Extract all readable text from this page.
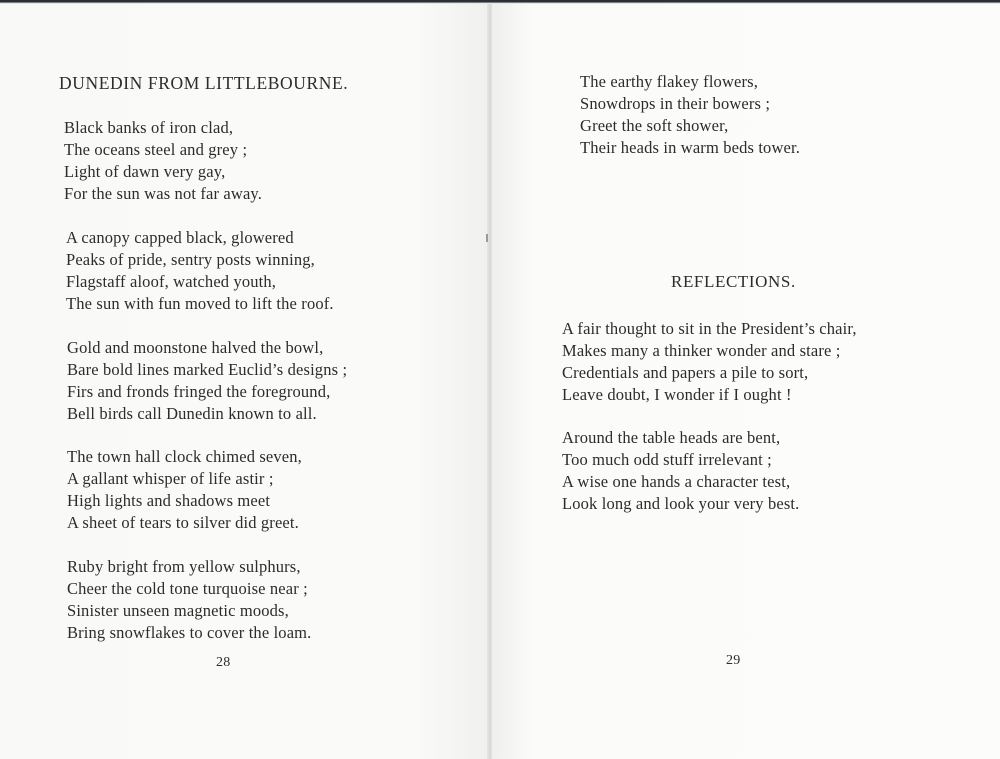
DUNEDIN FROM LITTLEBOURNE.
Black banks of iron clad,
The oceans steel and grey ;
Light of dawn very gay,
For the sun was not far away.
A canopy capped black, glowered
Peaks of pride, sentry posts winning,
Flagstaff aloof, watched youth,
The sun with fun moved to lift the roof.
Gold and moonstone halved the bowl,
Bare bold lines marked Euclid’s designs ;
Firs and fronds fringed the foreground,
Bell birds call Dunedin known to all.
The town hall clock chimed seven,
A gallant whisper of life astir ;
High lights and shadows meet
A sheet of tears to silver did greet.
Ruby bright from yellow sulphurs,
Cheer the cold tone turquoise near ;
Sinister unseen magnetic moods,
Bring snowflakes to cover the loam.
28
The earthy flakey flowers,
Snowdrops in their bowers ;
Greet the soft shower,
Their heads in warm beds tower.
REFLECTIONS.
A fair thought to sit in the President’s chair,
Makes many a thinker wonder and stare ;
Credentials and papers a pile to sort,
Leave doubt, I wonder if I ought !
Around the table heads are bent,
Too much odd stuff irrelevant ;
A wise one hands a character test,
Look long and look your very best.
29
